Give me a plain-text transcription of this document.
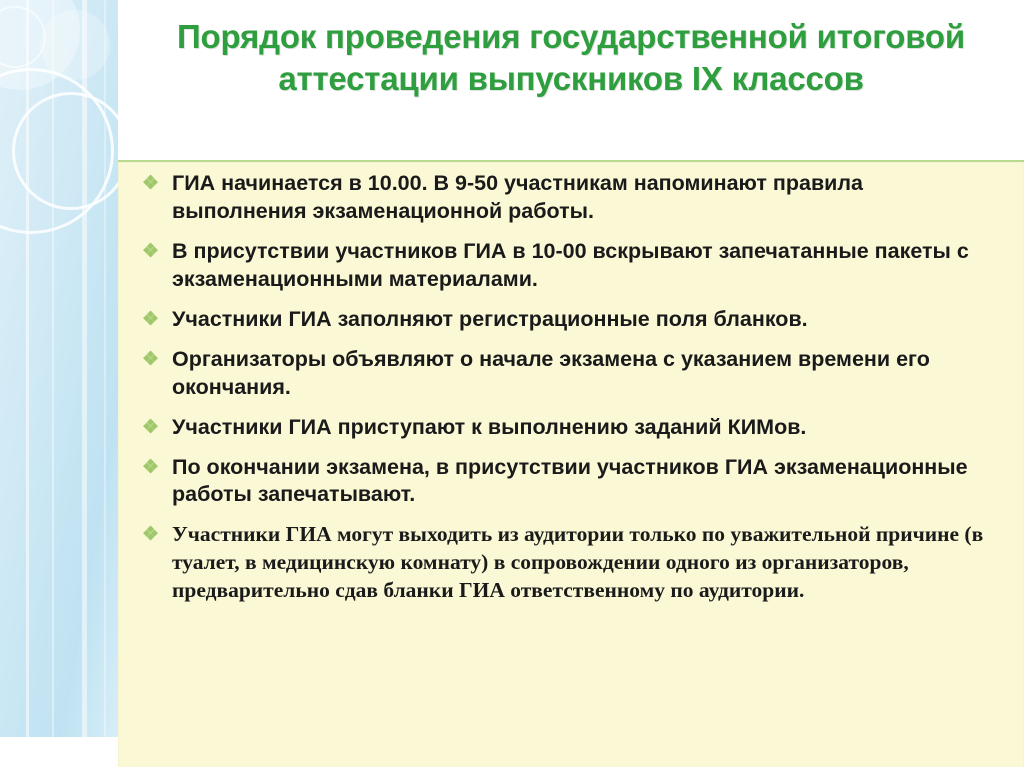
Порядок проведения государственной итоговой аттестации выпускников IX классов
❖ ГИА начинается в 10.00. В 9-50 участникам напоминают правила выполнения экзаменационной работы.
❖ В присутствии участников ГИА в 10-00 вскрывают запечатанные пакеты с экзаменационными материалами.
❖ Участники ГИА заполняют регистрационные поля бланков.
❖ Организаторы объявляют о начале экзамена с указанием времени его окончания.
❖ Участники ГИА приступают к выполнению заданий КИМов.
❖ По окончании экзамена, в присутствии участников ГИА экзаменационные работы запечатывают.
❖ Участники ГИА могут выходить из аудитории только по уважительной причине (в туалет, в медицинскую комнату) в сопровождении одного из организаторов, предварительно сдав бланки ГИА ответственному по аудитории.
